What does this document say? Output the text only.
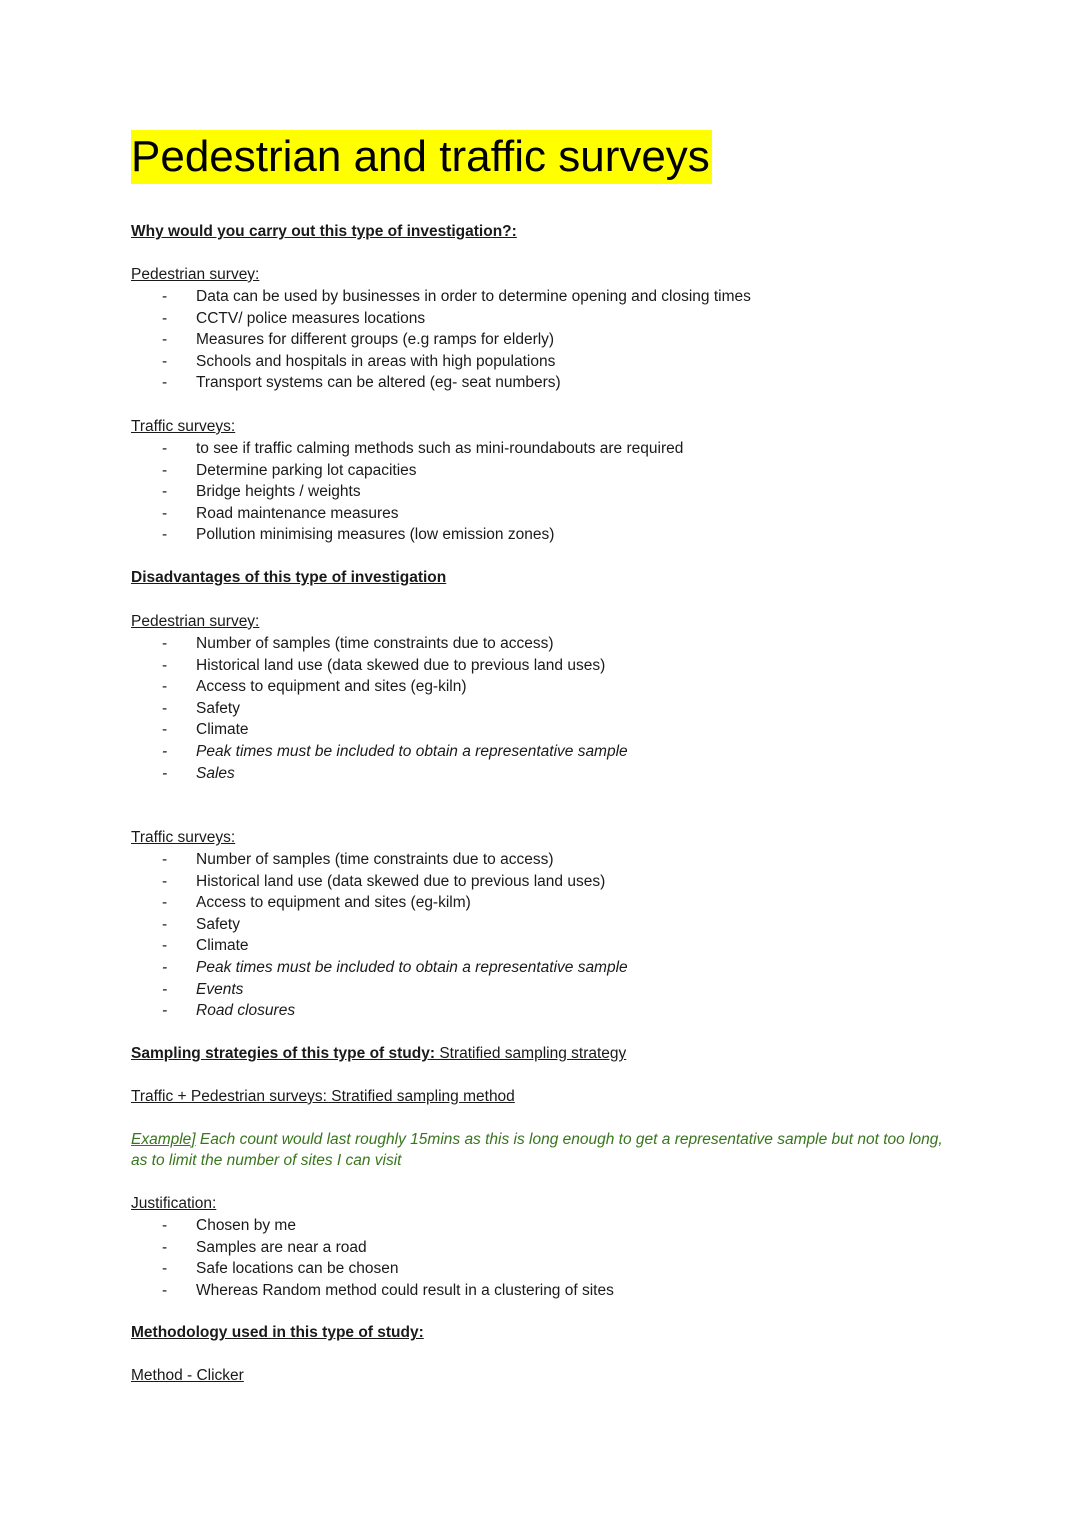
Pedestrian and traffic surveys

Why would you carry out this type of investigation?:

Pedestrian survey:

- Data can be used by businesses in order to determine opening and closing times
- CCTV/ police measures locations
- Measures for different groups (e.g ramps for elderly)
- Schools and hospitals in areas with high populations
- Transport systems can be altered (eg- seat numbers)

Traffic surveys:

- to see if traffic calming methods such as mini-roundabouts are required
- Determine parking lot capacities
- Bridge heights / weights
- Road maintenance measures
- Pollution minimising measures (low emission zones)

Disadvantages of this type of investigation

Pedestrian survey:

- Number of samples (time constraints due to access)
- Historical land use (data skewed due to previous land uses)
- Access to equipment and sites (eg-kiln)
- Safety
- Climate
- Peak times must be included to obtain a representative sample
- Sales

Traffic surveys:

- Number of samples (time constraints due to access)
- Historical land use (data skewed due to previous land uses)
- Access to equipment and sites (eg-kilm)
- Safety
- Climate
- Peak times must be included to obtain a representative sample
- Events
- Road closures

Sampling strategies of this type of study: Stratified sampling strategy

Traffic + Pedestrian surveys: Stratified sampling method

Example] Each count would last roughly 15mins as this is long enough to get a representative sample but not too long, as to limit the number of sites I can visit

Justification:

- Chosen by me
- Samples are near a road
- Safe locations can be chosen
- Whereas Random method could result in a clustering of sites

Methodology used in this type of study:

Method - Clicker
